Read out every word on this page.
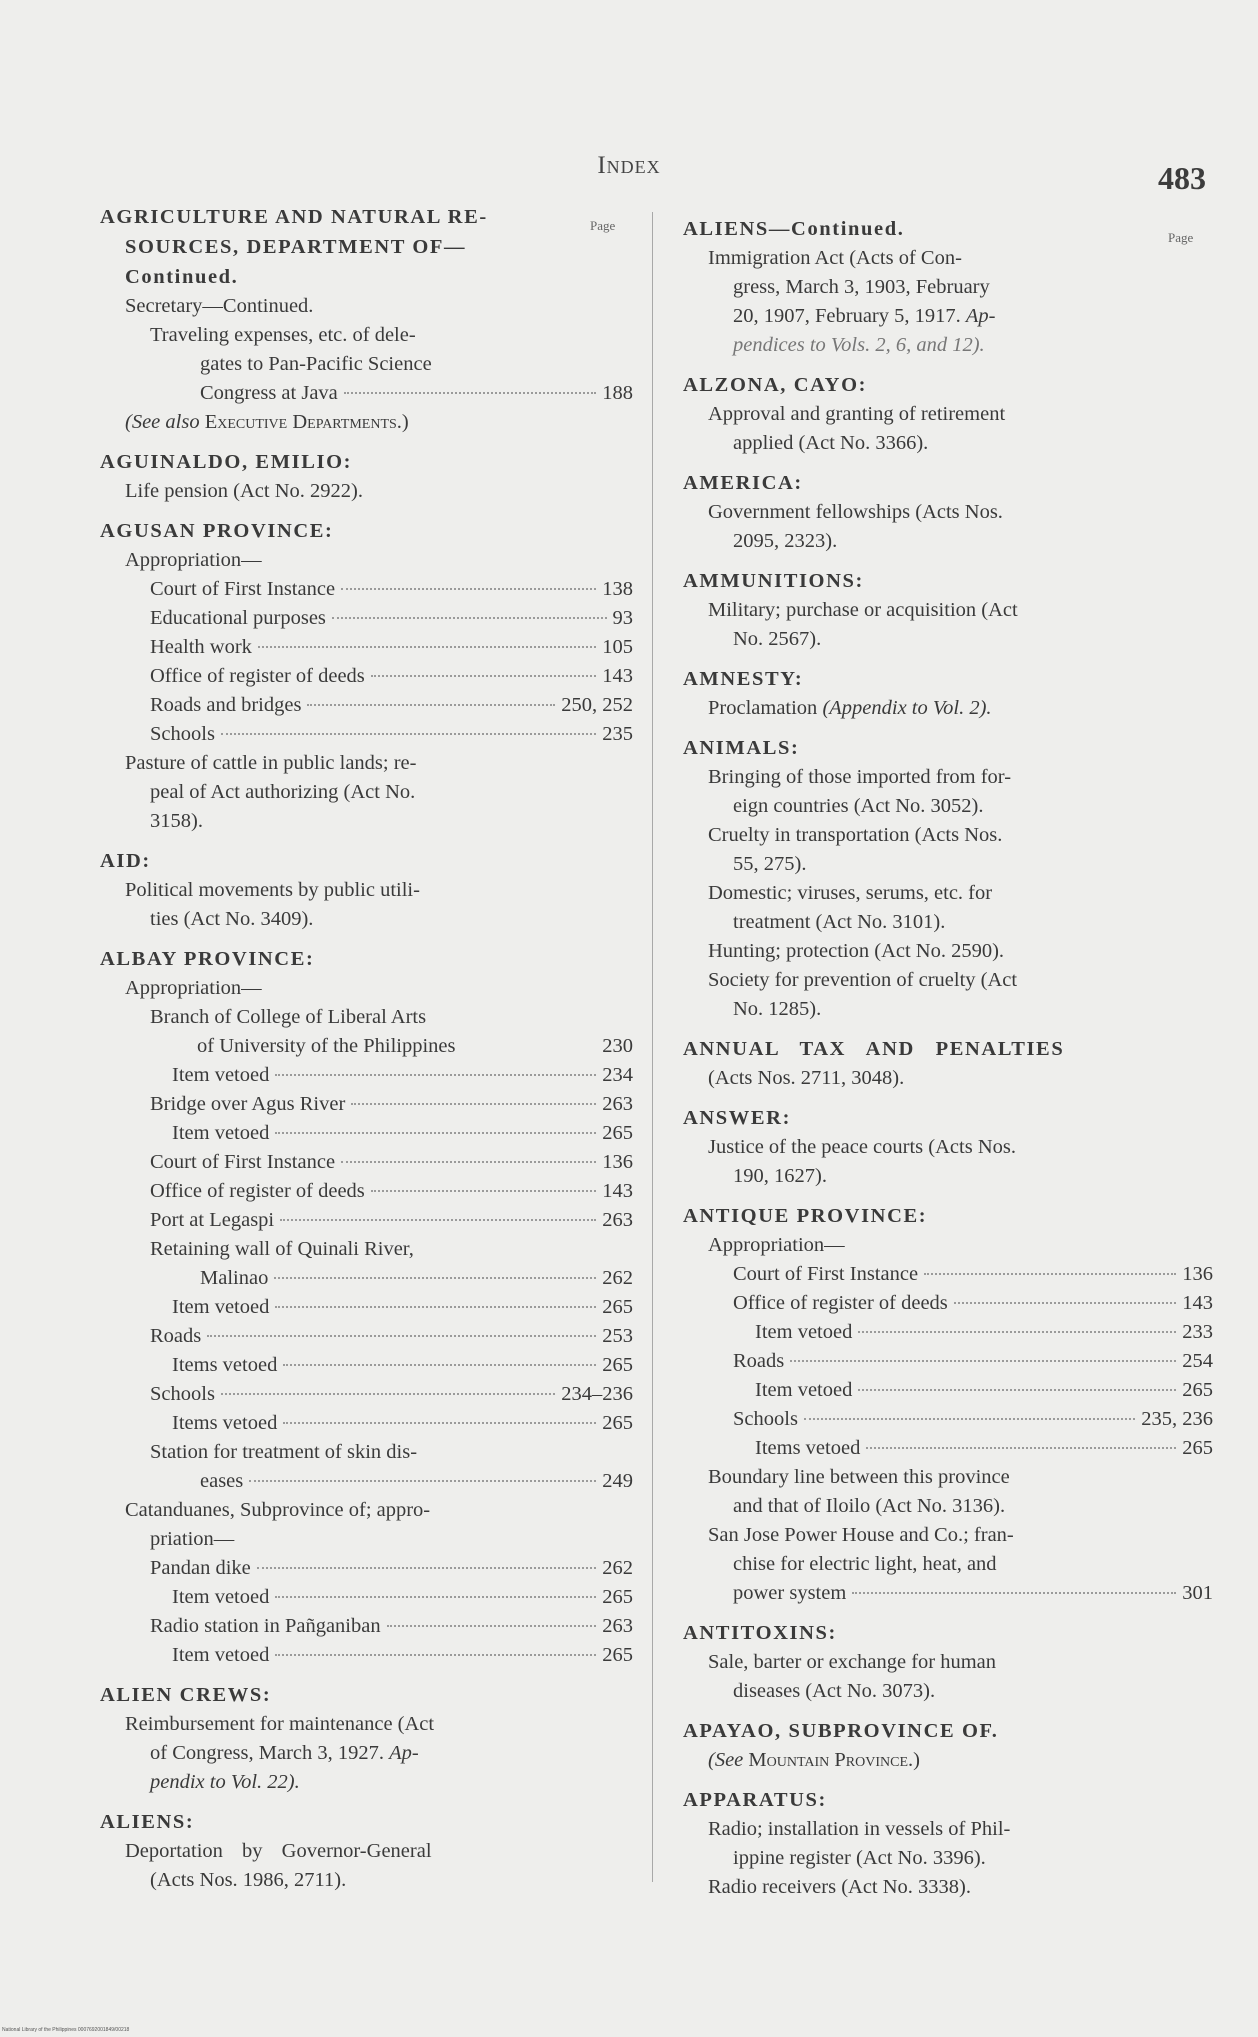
Index	483
Page
Page
AGRICULTURE AND NATURAL RE-
SOURCES, DEPARTMENT OF—
Continued.
Secretary—Continued.
Traveling expenses, etc. of dele-
gates to Pan-Pacific Science
Congress at Java	188
(See also Executive Departments.)
AGUINALDO, EMILIO:
Life pension (Act No. 2922).
AGUSAN PROVINCE:
Appropriation—
Court of First Instance	138
Educational purposes	93
Health work	105
Office of register of deeds	143
Roads and bridges	250, 252
Schools	235
Pasture of cattle in public lands; re-
peal of Act authorizing (Act No.
3158).
AID:
Political movements by public utili-
ties (Act No. 3409).
ALBAY PROVINCE:
Appropriation—
Branch of College of Liberal Arts
of University of the Philippines	230
Item vetoed	234
Bridge over Agus River	263
Item vetoed	265
Court of First Instance	136
Office of register of deeds	143
Port at Legaspi	263
Retaining wall of Quinali River,
Malinao	262
Item vetoed	265
Roads	253
Items vetoed	265
Schools	234–236
Items vetoed	265
Station for treatment of skin dis-
eases	249
Catanduanes, Subprovince of; appro-
priation—
Pandan dike	262
Item vetoed	265
Radio station in Pañganiban	263
Item vetoed	265
ALIEN CREWS:
Reimbursement for maintenance (Act
of Congress, March 3, 1927. Ap-
pendix to Vol. 22).
ALIENS:
Deportation by Governor-General
(Acts Nos. 1986, 2711).
ALIENS—Continued.
Immigration Act (Acts of Con-
gress, March 3, 1903, February
20, 1907, February 5, 1917. Ap-
pendices to Vols. 2, 6, and 12).
ALZONA, CAYO:
Approval and granting of retirement
applied (Act No. 3366).
AMERICA:
Government fellowships (Acts Nos.
2095, 2323).
AMMUNITIONS:
Military; purchase or acquisition (Act
No. 2567).
AMNESTY:
Proclamation (Appendix to Vol. 2).
ANIMALS:
Bringing of those imported from for-
eign countries (Act No. 3052).
Cruelty in transportation (Acts Nos.
55, 275).
Domestic; viruses, serums, etc. for
treatment (Act No. 3101).
Hunting; protection (Act No. 2590).
Society for prevention of cruelty (Act
No. 1285).
ANNUAL TAX AND PENALTIES
(Acts Nos. 2711, 3048).
ANSWER:
Justice of the peace courts (Acts Nos.
190, 1627).
ANTIQUE PROVINCE:
Appropriation—
Court of First Instance	136
Office of register of deeds	143
Item vetoed	233
Roads	254
Item vetoed	265
Schools	235, 236
Items vetoed	265
Boundary line between this province
and that of Iloilo (Act No. 3136).
San Jose Power House and Co.; fran-
chise for electric light, heat, and
power system	301
ANTITOXINS:
Sale, barter or exchange for human
diseases (Act No. 3073).
APAYAO, SUBPROVINCE OF.
(See Mountain Province.)
APPARATUS:
Radio; installation in vessels of Phil-
ippine register (Act No. 3396).
Radio receivers (Act No. 3338).
National Library of the Philippines 0007692001849/00218
